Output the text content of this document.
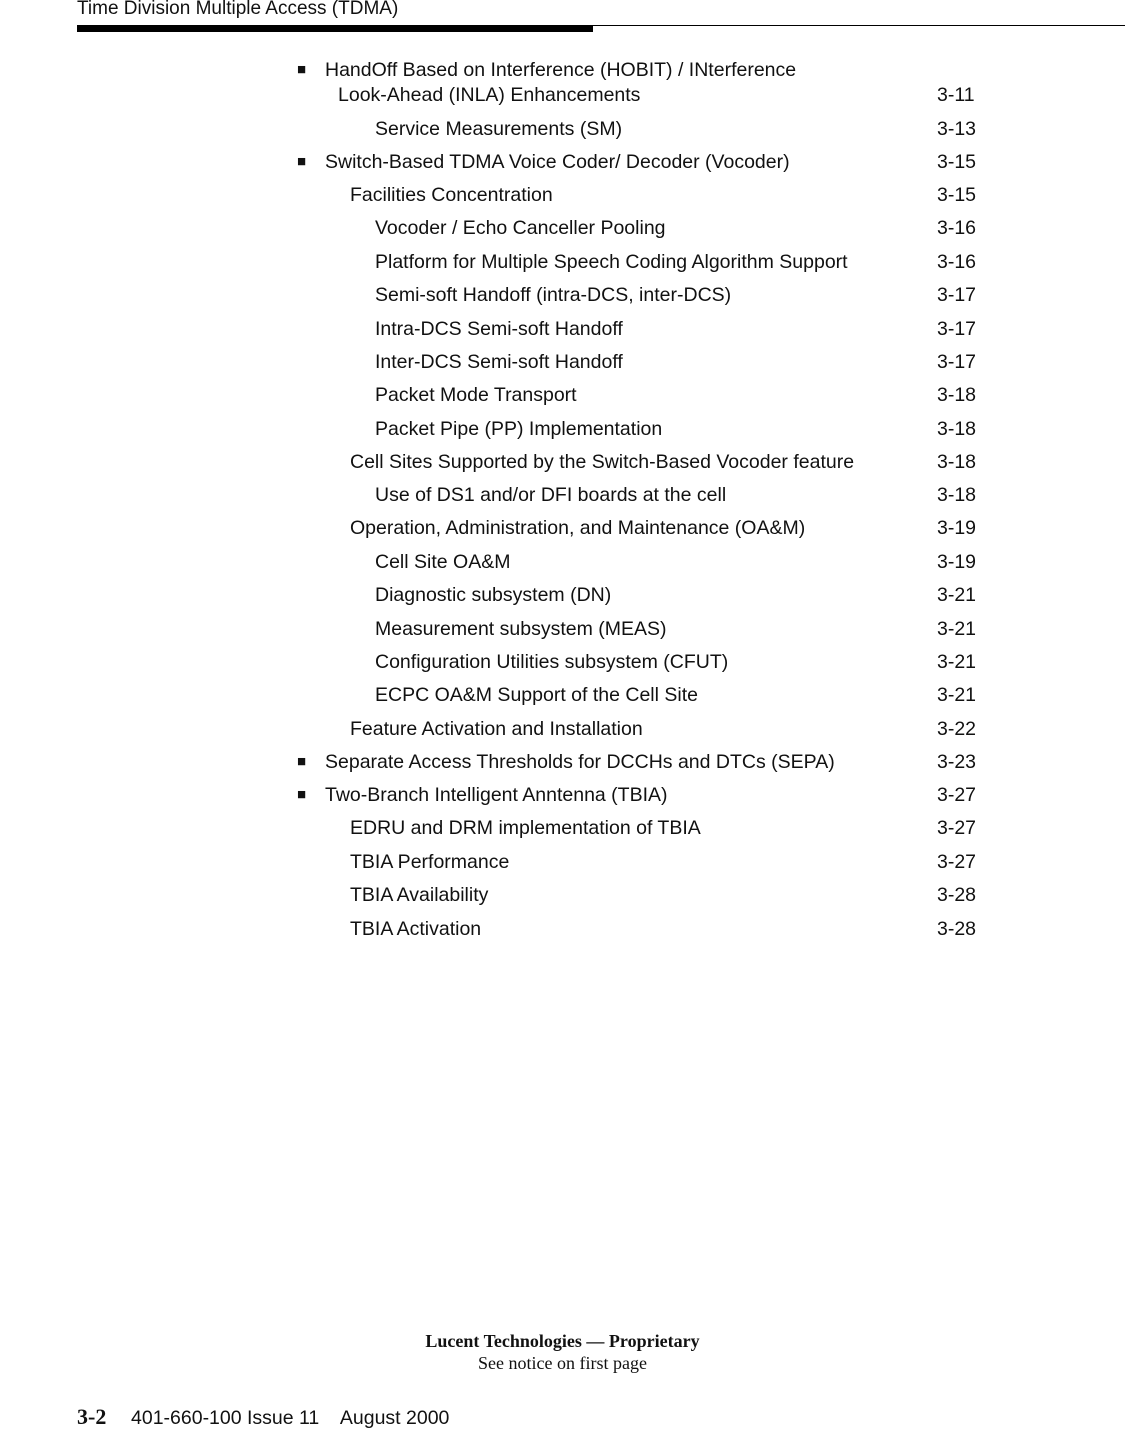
Time Division Multiple Access (TDMA)
■ HandOff Based on Interference (HOBIT) / INterference
Look-Ahead (INLA) Enhancements	3-11
Service Measurements (SM)	3-13
■ Switch-Based TDMA Voice Coder/ Decoder (Vocoder)	3-15
Facilities Concentration	3-15
Vocoder / Echo Canceller Pooling	3-16
Platform for Multiple Speech Coding Algorithm Support	3-16
Semi-soft Handoff (intra-DCS, inter-DCS)	3-17
Intra-DCS Semi-soft Handoff	3-17
Inter-DCS Semi-soft Handoff	3-17
Packet Mode Transport	3-18
Packet Pipe (PP) Implementation	3-18
Cell Sites Supported by the Switch-Based Vocoder feature	3-18
Use of DS1 and/or DFI boards at the cell	3-18
Operation, Administration, and Maintenance (OA&M)	3-19
Cell Site OA&M	3-19
Diagnostic subsystem (DN)	3-21
Measurement subsystem (MEAS)	3-21
Configuration Utilities subsystem (CFUT)	3-21
ECPC OA&M Support of the Cell Site	3-21
Feature Activation and Installation	3-22
■ Separate Access Thresholds for DCCHs and DTCs (SEPA)	3-23
■ Two-Branch Intelligent Anntenna (TBIA)	3-27
EDRU and DRM implementation of TBIA	3-27
TBIA Performance	3-27
TBIA Availability	3-28
TBIA Activation	3-28
Lucent Technologies — Proprietary
See notice on first page
3-2 401-660-100 Issue 11    August 2000
